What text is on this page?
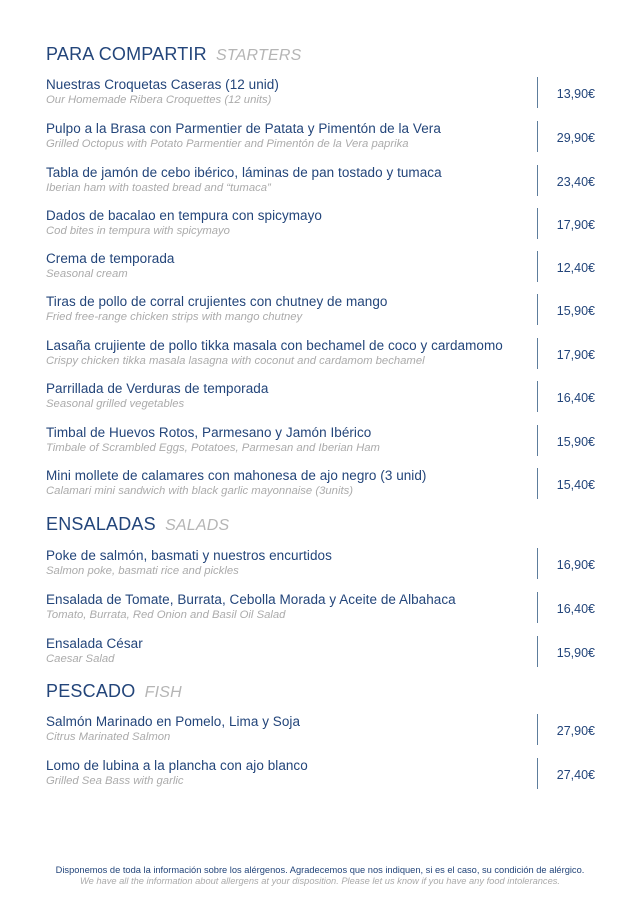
PARA COMPARTIR STARTERS
Nuestras Croquetas Caseras (12 unid)
Our Homemade Ribera Croquettes (12 units)	13,90€
Pulpo a la Brasa con Parmentier de Patata y Pimentón de la Vera
Grilled Octopus with Potato Parmentier and Pimentón de la Vera paprika	29,90€
Tabla de jamón de cebo ibérico, láminas de pan tostado y tumaca
Iberian ham with toasted bread and “tumaca”	23,40€
Dados de bacalao en tempura con spicymayo
Cod bites in tempura with spicymayo	17,90€
Crema de temporada
Seasonal cream	12,40€
Tiras de pollo de corral crujientes con chutney de mango
Fried free-range chicken strips with mango chutney	15,90€
Lasaña crujiente de pollo tikka masala con bechamel de coco y cardamomo
Crispy chicken tikka masala lasagna with coconut and cardamom bechamel	17,90€
Parrillada de Verduras de temporada
Seasonal grilled vegetables	16,40€
Timbal de Huevos Rotos, Parmesano y Jamón Ibérico
Timbale of Scrambled Eggs, Potatoes, Parmesan and Iberian Ham	15,90€
Mini mollete de calamares con mahonesa de ajo negro (3 unid)
Calamari mini sandwich with black garlic mayonnaise (3units)	15,40€
ENSALADAS SALADS
Poke de salmón, basmati y nuestros encurtidos
Salmon poke, basmati rice and pickles	16,90€
Ensalada de Tomate, Burrata, Cebolla Morada y Aceite de Albahaca
Tomato, Burrata, Red Onion and Basil Oil Salad	16,40€
Ensalada César
Caesar Salad	15,90€
PESCADO FISH
Salmón Marinado en Pomelo, Lima y Soja
Citrus Marinated Salmon	27,90€
Lomo de lubina a la plancha con ajo blanco
Grilled Sea Bass with garlic	27,40€
Disponemos de toda la información sobre los alérgenos. Agradecemos que nos indiquen, si es el caso, su condición de alérgico.
We have all the information about allergens at your disposition. Please let us know if you have any food intolerances.
